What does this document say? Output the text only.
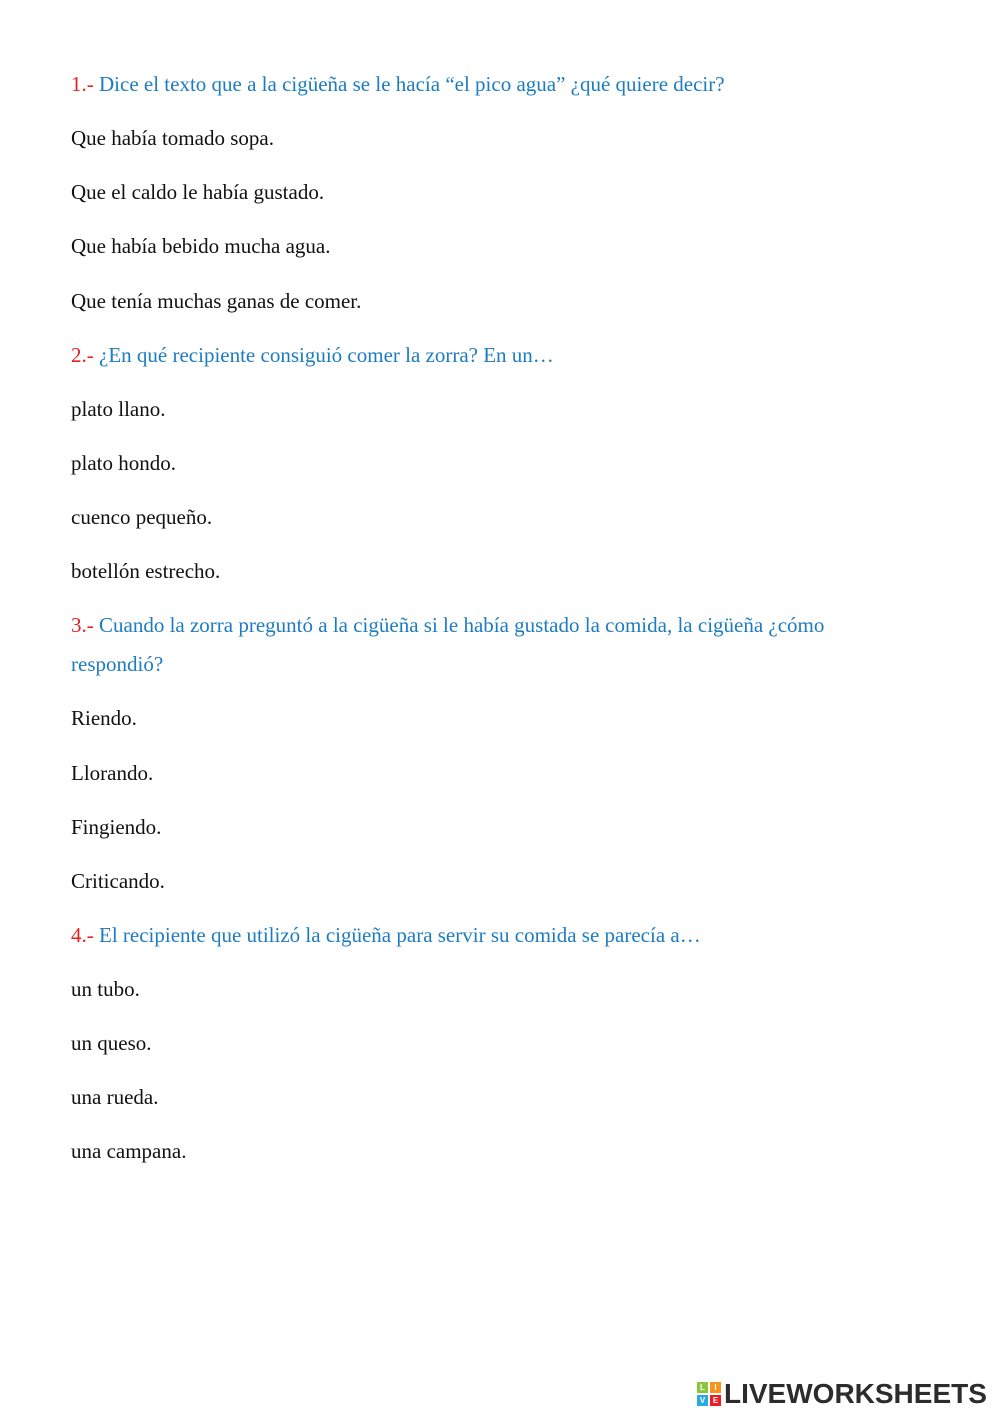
1.- Dice el texto que a la cigüeña se le hacía “el pico agua” ¿qué quiere decir?
Que había tomado sopa.
Que el caldo le había gustado.
Que había bebido mucha agua.
Que tenía muchas ganas de comer.
2.- ¿En qué recipiente consiguió comer la zorra? En un…
plato llano.
plato hondo.
cuenco pequeño.
botellón estrecho.
3.- Cuando la zorra preguntó a la cigüeña si le había gustado la comida, la cigüeña ¿cómo
respondió?
Riendo.
Llorando.
Fingiendo.
Criticando.
4.- El recipiente que utilizó la cigüeña para servir su comida se parecía a…
un tubo.
un queso.
una rueda.
una campana.
L	I
V E LIVEWORKSHEETS
